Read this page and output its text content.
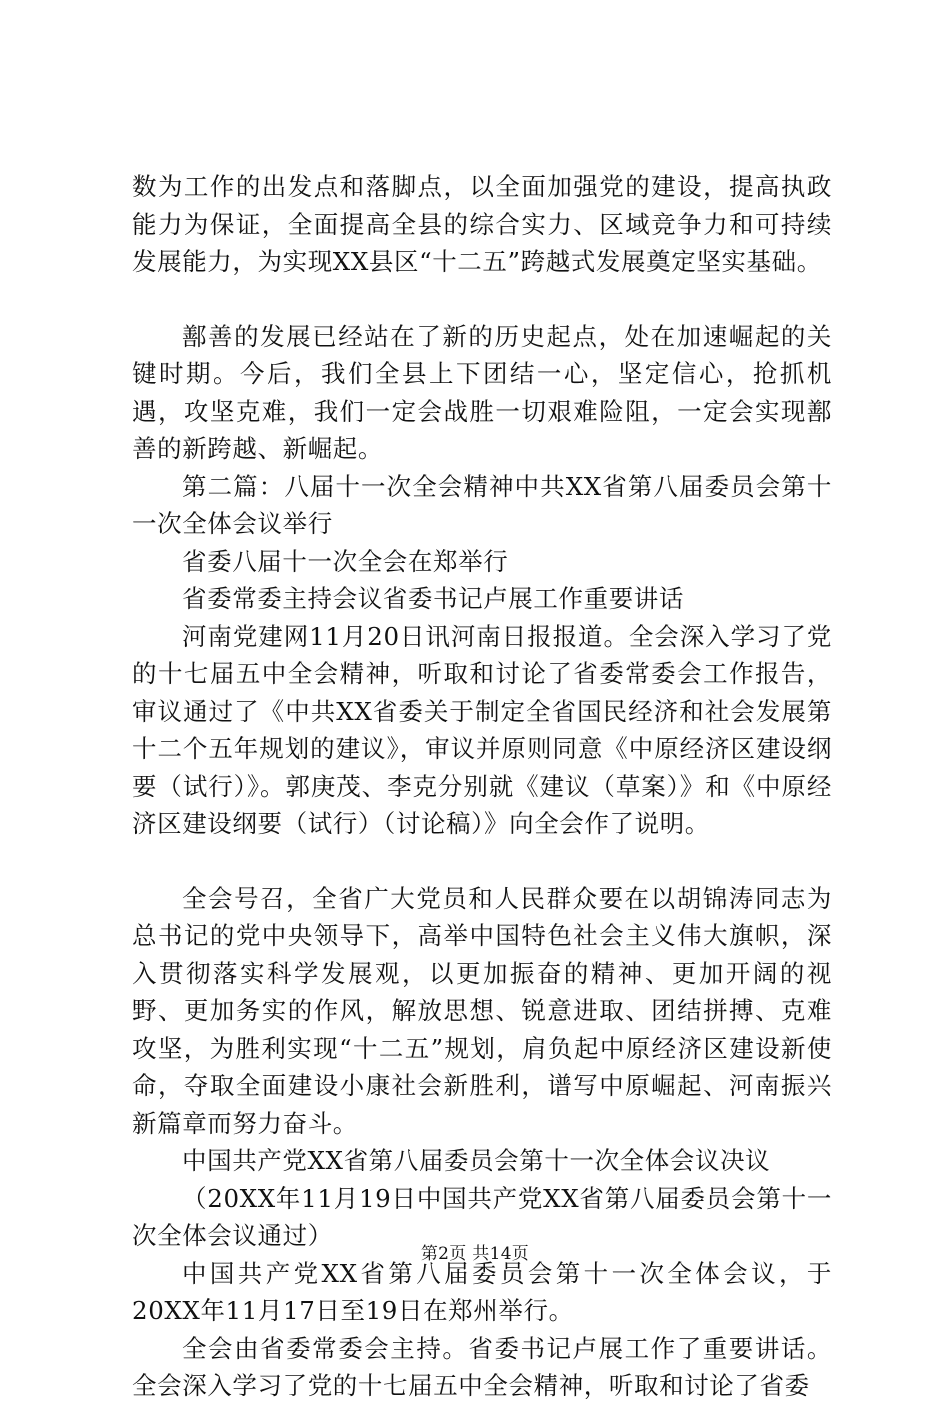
数为工作的出发点和落脚点，以全面加强党的建设，提高执政能力为保证，全面提高全县的综合实力、区域竞争力和可持续发展能力，为实现XX县区“十二五”跨越式发展奠定坚实基础。

鄯善的发展已经站在了新的历史起点，处在加速崛起的关键时期。今后，我们全县上下团结一心，坚定信心，抢抓机遇，攻坚克难，我们一定会战胜一切艰难险阻，一定会实现鄯善的新跨越、新崛起。

第二篇：八届十一次全会精神中共XX省第八届委员会第十一次全体会议举行

省委八届十一次全会在郑举行

省委常委主持会议省委书记卢展工作重要讲话

河南党建网11月20日讯河南日报报道。全会深入学习了党的十七届五中全会精神，听取和讨论了省委常委会工作报告，审议通过了《中共XX省委关于制定全省国民经济和社会发展第十二个五年规划的建议》，审议并原则同意《中原经济区建设纲要（试行）》。郭庚茂、李克分别就《建议（草案）》和《中原经济区建设纲要（试行）（讨论稿）》向全会作了说明。

全会号召，全省广大党员和人民群众要在以胡锦涛同志为总书记的党中央领导下，高举中国特色社会主义伟大旗帜，深入贯彻落实科学发展观，以更加振奋的精神、更加开阔的视野、更加务实的作风，解放思想、锐意进取、团结拼搏、克难攻坚，为胜利实现“十二五”规划，肩负起中原经济区建设新使命，夺取全面建设小康社会新胜利，谱写中原崛起、河南振兴新篇章而努力奋斗。

中国共产党XX省第八届委员会第十一次全体会议决议

（20XX年11月19日中国共产党XX省第八届委员会第十一次全体会议通过）

中国共产党XX省第八届委员会第十一次全体会议，于20XX年11月17日至19日在郑州举行。

全会由省委常委会主持。省委书记卢展工作了重要讲话。全会深入学习了党的十七届五中全会精神，听取和讨论了省委

第2页 共14页
